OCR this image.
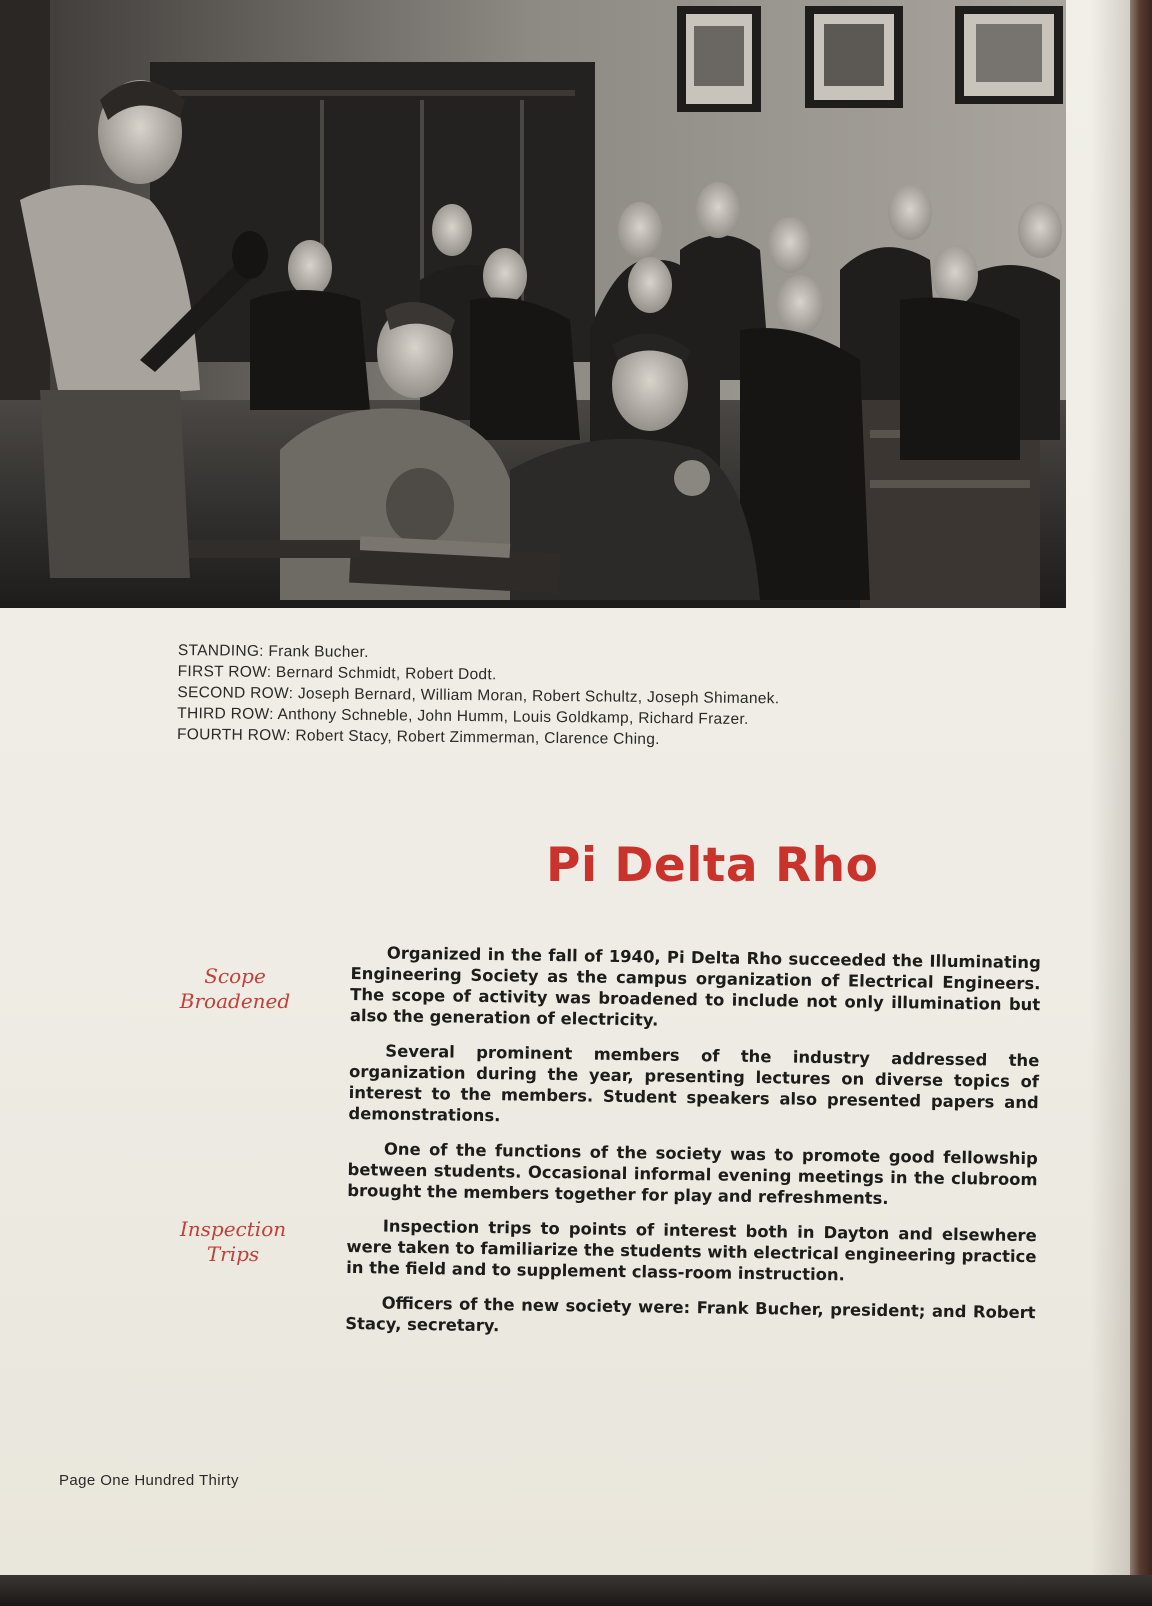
STANDING: Frank Bucher.
FIRST ROW: Bernard Schmidt, Robert Dodt.
SECOND ROW: Joseph Bernard, William Moran, Robert Schultz, Joseph Shimanek.
THIRD ROW: Anthony Schneble, John Humm, Louis Goldkamp, Richard Frazer.
FOURTH ROW: Robert Stacy, Robert Zimmerman, Clarence Ching.
Pi Delta Rho
Scope
Broadened
Inspection
Trips

Organized in the fall of 1940, Pi Delta Rho succeeded the Illuminating Engineering Society as the campus organization of Electrical Engineers. The scope of activity was broadened to include not only illumination but also the generation of electricity.

Several prominent members of the industry addressed the organization during the year, presenting lectures on diverse topics of interest to the members. Student speakers also presented papers and demonstrations.

One of the functions of the society was to promote good fellowship between students. Occasional informal evening meetings in the clubroom brought the members together for play and refreshments.

Inspection trips to points of interest both in Dayton and elsewhere were taken to familiarize the students with electrical engineering practice in the field and to supplement class-room instruction.

Officers of the new society were: Frank Bucher, president; and Robert Stacy, secretary.

Page One Hundred Thirty
